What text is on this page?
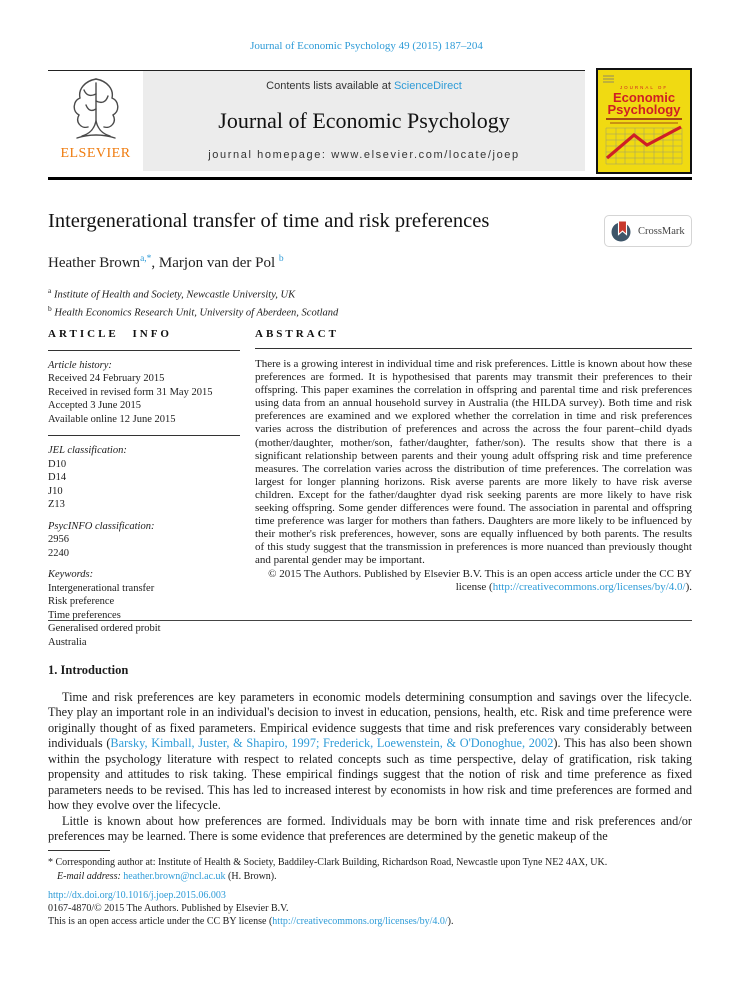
Journal of Economic Psychology 49 (2015) 187–204
ELSEVIER
Contents lists available at ScienceDirect
Journal of Economic Psychology
journal homepage: www.elsevier.com/locate/joep
JOURNAL OF
Economic
Psychology
Intergenerational transfer of time and risk preferences	CrossMark
Heather Brown$^{a,*}$, Marjon van der Pol $^b$
$^a$ Institute of Health and Society, Newcastle University, UK
$^b$ Health Economics Research Unit, University of Aberdeen, Scotland
ARTICLE INFO
Article history:
Received 24 February 2015
Received in revised form 31 May 2015
Accepted 3 June 2015
Available online 12 June 2015
JEL classification:
D10
D14
J10
Z13
PsycINFO classification:
2956
2240
Keywords:
Intergenerational transfer
Risk preference
Time preferences
Generalised ordered probit
Australia
ABSTRACT
There is a growing interest in individual time and risk preferences. Little is known about how these preferences are formed. It is hypothesised that parents may transmit their preferences to their offspring. This paper examines the correlation in offspring and parental time and risk preferences using data from an annual household survey in Australia (the HILDA survey). Both time and risk preferences are examined and we explored whether the correlation in time and risk preferences varies across the distribution of preferences and across the across the four parent–child dyads (mother/daughter, mother/son, father/daughter, father/son). The results show that there is a significant relationship between parents and their young adult offspring risk and time preference measures. The correlation varies across the distribution of time preferences. The correlation was largest for longer planning horizons. Risk averse parents are more likely to have risk averse children. Except for the father/daughter dyad risk seeking parents are more likely to have risk seeking offspring. Some gender differences were found. The association in parental and offspring time preference was larger for mothers than fathers. Daughters are more likely to be influenced by their mother's risk preferences, however, sons are equally influenced by both parents. The results of this study suggest that the transmission in preferences is more nuanced than previously thought and parental gender may be important.
© 2015 The Authors. Published by Elsevier B.V. This is an open access article under the CC BY
license (http://creativecommons.org/licenses/by/4.0/).
1. Introduction

Time and risk preferences are key parameters in economic models determining consumption and savings over the lifecycle. They play an important role in an individual's decision to invest in education, pensions, health, etc. Risk and time preference were originally thought of as fixed parameters. Empirical evidence suggests that time and risk preferences vary considerably between individuals (Barsky, Kimball, Juster, & Shapiro, 1997; Frederick, Loewenstein, & O'Donoghue, 2002). This has also been shown within the psychology literature with respect to related concepts such as time perspective, delay of gratification, risk taking propensity and attitudes to risk taking. These empirical findings suggest that the notion of risk and time preference as fixed parameters needs to be revised. This has led to increased interest by economists in how risk and time preferences are formed and how they evolve over the lifecycle.

Little is known about how preferences are formed. Individuals may be born with innate time and risk preferences and/or preferences may be learned. There is some evidence that preferences are determined by the genetic makeup of the

* Corresponding author at: Institute of Health & Society, Baddiley-Clark Building, Richardson Road, Newcastle upon Tyne NE2 4AX, UK.
E-mail address: heather.brown@ncl.ac.uk (H. Brown).
http://dx.doi.org/10.1016/j.joep.2015.06.003
0167-4870/© 2015 The Authors. Published by Elsevier B.V.
This is an open access article under the CC BY license (http://creativecommons.org/licenses/by/4.0/).
